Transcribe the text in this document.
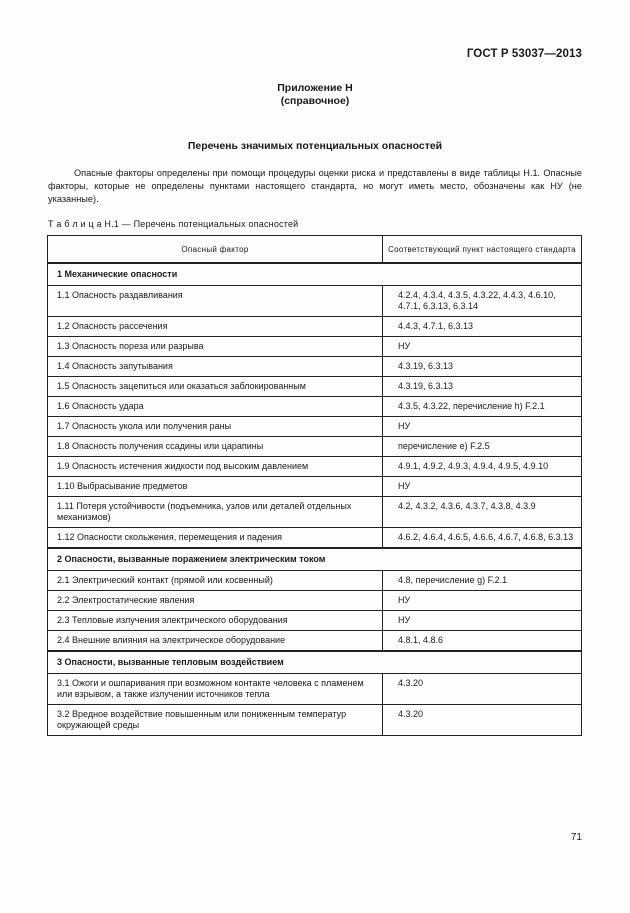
ГОСТ Р 53037—2013
Приложение Н
(справочное)
Перечень значимых потенциальных опасностей
Опасные факторы определены при помощи процедуры оценки риска и представлены в виде таблицы Н.1. Опасные факторы, которые не определены пунктами настоящего стандарта, но могут иметь место, обозначены как НУ (не указанные).
Т а б л и ц а Н.1 — Перечень потенциальных опасностей
Опасный фактор	Соответствующий пункт настоящего стандарта

1 Механические опасности	
1.1 Опасность раздавливания	4.2.4, 4.3.4, 4.3.5, 4.3.22, 4.4.3, 4.6.10, 4.7.1, 6.3.13, 6.3.14
1.2 Опасность рассечения	4.4.3, 4.7.1, 6.3.13
1.3 Опасность пореза или разрыва	НУ
1.4 Опасность запутывания	4.3.19, 6.3.13
1.5 Опасность зацепиться или оказаться заблокированным	4.3.19, 6.3.13
1.6 Опасность удара	4.3.5, 4.3.22, перечисление h) F.2.1
1.7 Опасность укола или получения раны	НУ
1.8 Опасность получения ссадины или царапины	перечисление е) F.2.5
1.9 Опасность истечения жидкости под высоким давлением	4.9.1, 4.9.2, 4.9.3, 4.9.4, 4.9.5, 4.9.10
1.10 Выбрасывание предметов	НУ
1.11 Потеря устойчивости (подъемника, узлов или деталей отдельных механизмов)	4.2, 4.3.2, 4.3.6, 4.3.7, 4.3.8, 4.3.9
1.12 Опасности скольжения, перемещения и падения	4.6.2, 4.6.4, 4.6.5, 4.6.6, 4.6.7, 4.6.8, 6.3.13

2 Опасности, вызванные поражением электрическим током	
2.1 Электрический контакт (прямой или косвенный)	4.8, перечисление g) F.2.1
2.2 Электростатические явления	НУ
2.3 Тепловые излучения электрического оборудования	НУ
2.4 Внешние влияния на электрическое оборудование	4.8.1, 4.8.6

3 Опасности, вызванные тепловым воздействием	
3.1 Ожоги и ошпаривания при возможном контакте человека с пламенем или взрывом, а также излучении источников тепла	4.3.20
3.2 Вредное воздействие повышенным или пониженным температур окружающей среды	4.3.20
71
